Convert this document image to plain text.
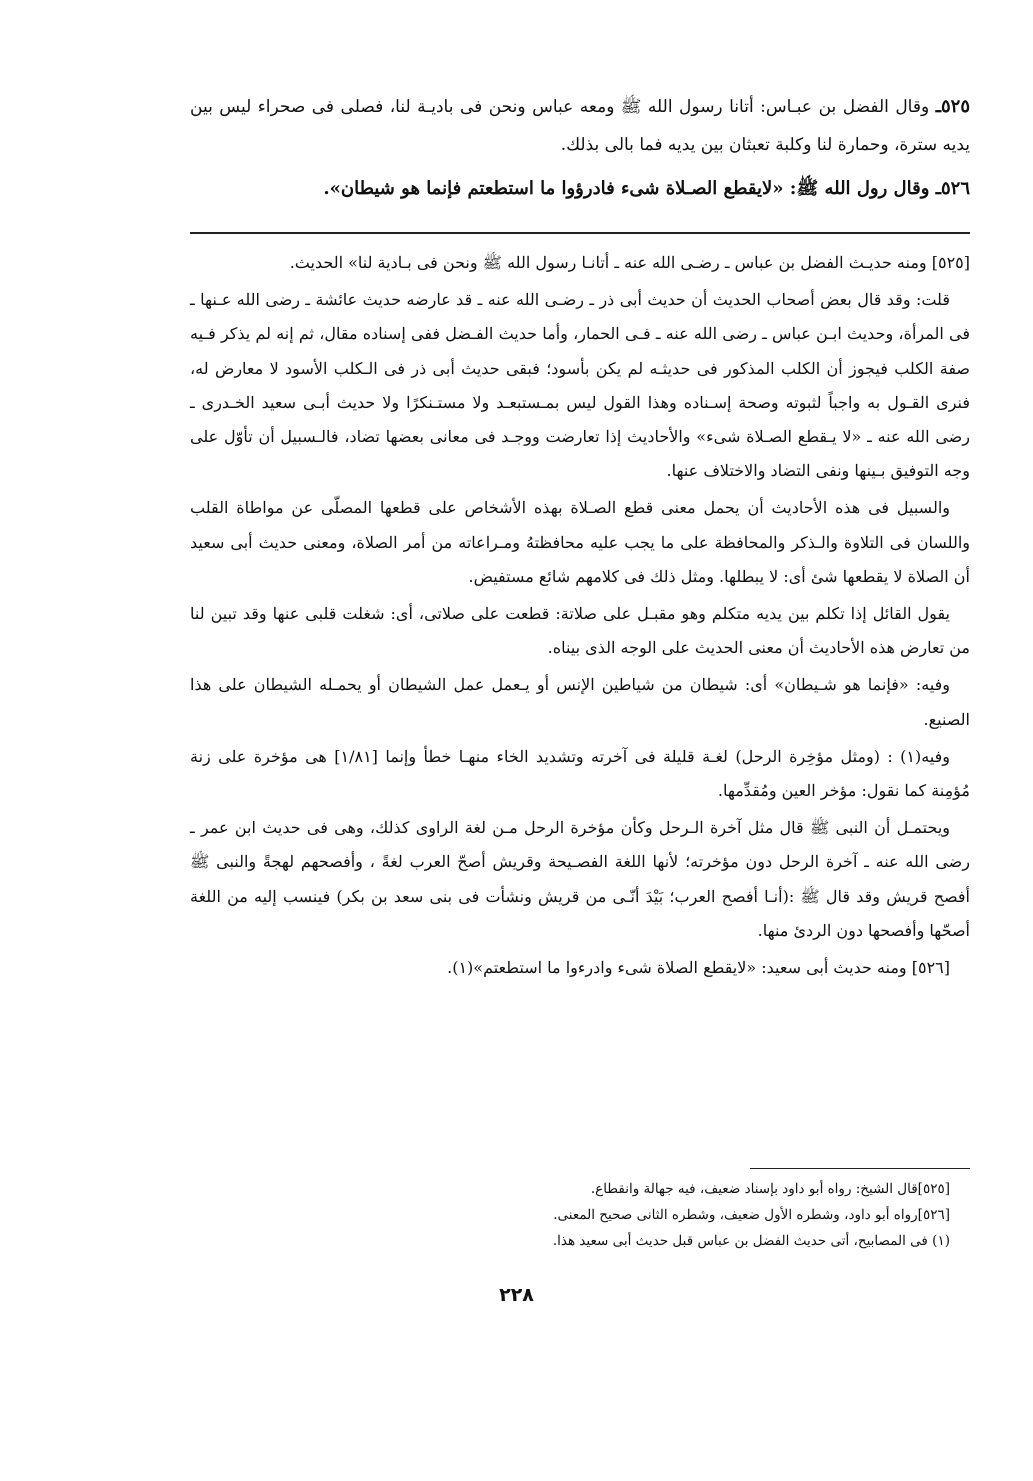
٥٢٥ـ وقال الفضل بن عبـاس: أتانا رسول الله ﷺ ومعه عباس ونحن فى باديـة لنا، فصلى فى صحراء ليس بين يديه سترة، وحمارة لنا وكلبة تعبثان بين يديه فما بالى بذلك.
٥٢٦ـ وقال رول الله ﷺ: «لايقطع الصـلاة شىء فادرؤوا ما استطعتم فإنما هو شيطان».

[٥٢٥] ومنه حديـث الفضل بن عباس ـ رضـى الله عنه ـ أتانـا رسول الله ﷺ ونحن فى بـادية لنا» الحديث.

قلت: وقد قال بعض أصحاب الحديث أن حديث أبى ذر ـ رضـى الله عنه ـ قد عارضه حديث عائشة ـ رضى الله عـنها ـ فى المرأة، وحديث ابـن عباس ـ رضى الله عنه ـ فـى الحمار، وأما حديث الفـضل ففى إسناده مقال، ثم إنه لم يذكر فـيه صفة الكلب فيجوز أن الكلب المذكور فى حديثـه لم يكن بأسود؛ فبقى حديث أبى ذر فى الـكلب الأسود لا معارض له، فنرى القـول به واجباً لثبوته وصحة إسـناده وهذا القول ليس بمـستبعـد ولا مستـنكرًا ولا حديث أبـى سعيد الخـدرى ـ رضى الله عنه ـ «لا يـقطع الصـلاة شىء» والأحاديث إذا تعارضت ووجـد فى معانى بعضها تضاد، فالـسبيل أن تأوّل على وجه التوفيق بـينها ونفى التضاد والاختلاف عنها.

والسبيل فى هذه الأحاديث أن يحمل معنى قطع الصـلاة بهذه الأشخاص على قطعها المصلّى عن مواطاة القلب واللسان فى التلاوة والـذكر والمحافظة على ما يجب عليه محافظتهُ ومـراعاته من أمر الصلاة، ومعنى حديث أبى سعيد أن الصلاة لا يقطعها شئ أى: لا يبطلها. ومثل ذلك فى كلامهم شائع مستفيض.

يقول القائل إذا تكلم بين يديه متكلم وهو مقبـل على صلاتة: قطعت على صلاتى، أى: شغلت قلبى عنها وقد تبين لنا من تعارض هذه الأحاديث أن معنى الحديث على الوجه الذى بيناه.

وفيه: «فإنما هو شـيطان» أى: شيطان من شياطين الإنس أو يـعمل عمل الشيطان أو يحمـله الشيطان على هذا الصنيع.

وفيه(١) : (ومثل مؤخِرة الرحل) لغـة قليلة فى آخرته وتشديد الخاء منهـا خطأ وإنما [١/٨١] هى مؤخرة على زنة مُؤمِنة كما نقول: مؤخر العين ومُقدِّمها.

ويحتمـل أن النبى ﷺ قال مثل آخرة الـرحل وكأن مؤخرة الرحل مـن لغة الراوى كذلك، وهى فى حديث ابن عمر ـ رضى الله عنه ـ آخرة الرحل دون مؤخرته؛ لأنها اللغة الفصـيحة وقريش أصحّ العرب لغةً ، وأفصحهم لهجةً والنبى ﷺ أفصح قريش وقد قال ﷺ :(أنـا أفصح العرب؛ بَيْدَ أنّـى من قريش ونشأت فى بنى سعد بن بكر) فينسب إليه من اللغة أصحّها وأفصحها دون الردئ منها.

[٥٢٦] ومنه حديث أبى سعيد: «لايقطع الصلاة شىء وادرءوا ما استطعتم»(١).

[٥٢٥]قال الشيخ: رواه أبو داود بإسناد ضعيف، فيه جهالة وانقطاع.
[٥٢٦]رواه أبو داود، وشطره الأول ضعيف، وشطره الثانى صحيح المعنى.
(١) فى المصابيح، أتى حديث الفضل بن عباس قبل حديث أبى سعيد هذا.
٢٢٨
